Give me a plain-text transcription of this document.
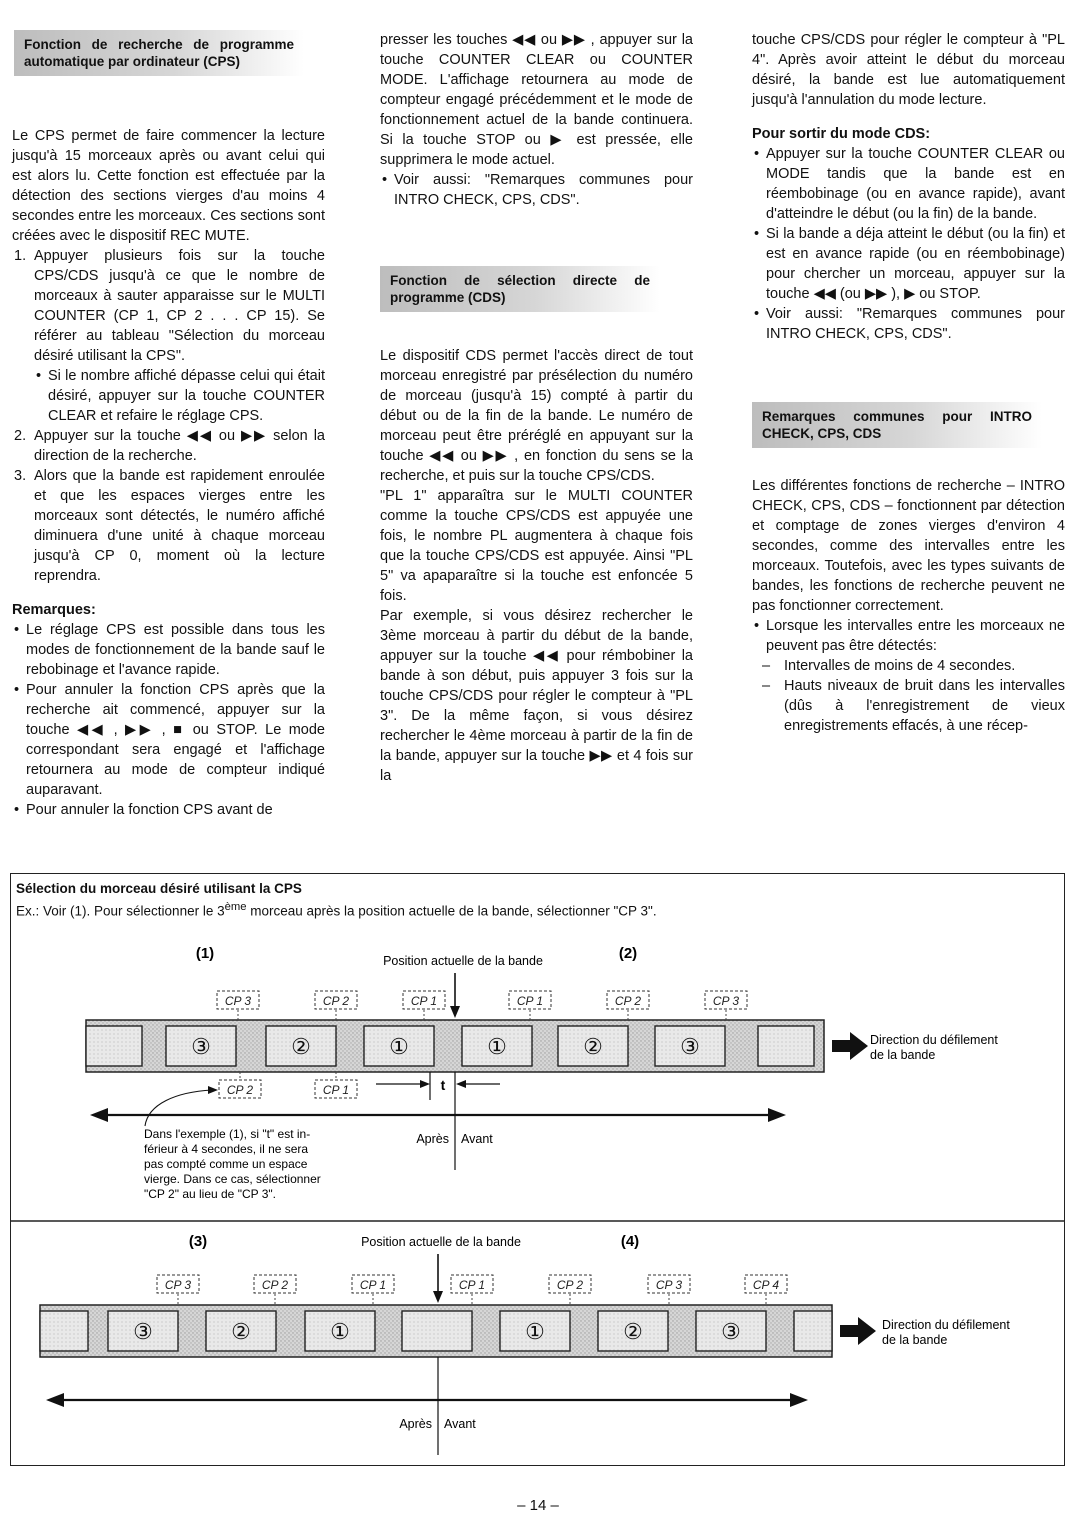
Fonction de recherche de programme automatique par ordinateur (CPS)

Le CPS permet de faire commencer la lecture jusqu'à 15 morceaux après ou avant celui qui est alors lu. Cette fonction est effectuée par la détection des sections vierges d'au moins 4 secondes entre les morceaux. Ces sections sont créées avec le dispositif REC MUTE.

1. Appuyer plusieurs fois sur la touche CPS/CDS jusqu'à ce que le nombre de morceaux à sauter apparaisse sur le MULTI COUNTER (CP 1, CP 2 . . . CP 15). Se référer au tableau "Sélection du morceau désiré utilisant la CPS".
• Si le nombre affiché dépasse celui qui était désiré, appuyer sur la touche COUNTER CLEAR et refaire le réglage CPS.
2. Appuyer sur la touche ◀◀ ou ▶▶ selon la direction de la recherche.
3. Alors que la bande est rapidement enroulée et que les espaces vierges entre les morceaux sont détectés, le numéro affiché diminuera d'une unité à chaque morceau jusqu'à CP 0, moment où la lecture reprendra.

Remarques:

• Le réglage CPS est possible dans tous les modes de fonctionnement de la bande sauf le rebobinage et l'avance rapide.
• Pour annuler la fonction CPS après que la recherche ait commencé, appuyer sur la touche ◀◀ , ▶▶ , ■ ou STOP. Le mode correspondant sera engagé et l'affichage retournera au mode de compteur indiqué auparavant.
• Pour annuler la fonction CPS avant de

presser les touches ◀◀ ou ▶▶ , appuyer sur la touche COUNTER CLEAR ou COUNTER MODE. L'affichage retournera au mode de compteur engagé précédemment et le mode de fonctionnement actuel de la bande continuera. Si la touche STOP ou ▶ est pressée, elle supprimera le mode actuel.

• Voir aussi: "Remarques communes pour INTRO CHECK, CPS, CDS".
Fonction de sélection directe de programme (CDS)

Le dispositif CDS permet l'accès direct de tout morceau enregistré par présélection du numéro de morceau (jusqu'à 15) compté à partir du début ou de la fin de la bande. Le numéro de morceau peut être préréglé en appuyant sur la touche ◀◀ ou ▶▶ , en fonction du sens se la recherche, et puis sur la touche CPS/CDS.

"PL 1" apparaîtra sur le MULTI COUNTER comme la touche CPS/CDS est appuyée une fois, le nombre PL augmentera à chaque fois que la touche CPS/CDS est appuyée. Ainsi "PL 5" va apaparaître si la touche est enfoncée 5 fois.

Par exemple, si vous désirez rechercher le 3ème morceau à partir du début de la bande, appuyer sur la touche ◀◀ pour rémbobiner la bande à son début, puis appuyer 3 fois sur la touche CPS/CDS pour régler le compteur à "PL 3". De la même façon, si vous désirez rechercher le 4ème morceau à partir de la fin de la bande, appuyer sur la touche ▶▶ et 4 fois sur la

touche CPS/CDS pour régler le compteur à "PL 4". Après avoir atteint le début du morceau désiré, la bande est lue automatiquement jusqu'à l'annulation du mode lecture.

Pour sortir du mode CDS:

• Appuyer sur la touche COUNTER CLEAR ou MODE tandis que la bande est en réembobinage (ou en avance rapide), avant d'atteindre le début (ou la fin) de la bande.
• Si la bande a déja atteint le début (ou la fin) et est en avance rapide (ou en réembobinage) pour chercher un morceau, appuyer sur la touche ◀◀ (ou ▶▶ ), ▶ ou STOP.
• Voir aussi: "Remarques communes pour INTRO CHECK, CPS, CDS".
Remarques communes pour INTRO CHECK, CPS, CDS

Les différentes fonctions de recherche – INTRO CHECK, CPS, CDS – fonctionnent par détection et comptage de zones vierges d'environ 4 secondes, comme des intervalles entre les morceaux. Toutefois, avec les types suivants de bandes, les fonctions de recherche peuvent ne pas fonctionner correctement.

• Lorsque les intervalles entre les morceaux ne peuvent pas être détectés:
– Intervalles de moins de 4 secondes.
– Hauts niveaux de bruit dans les intervalles (dûs à l'enregistrement de vieux enregistrements effacés, à une récep-
Sélection du morceau désiré utilisant la CPS
Ex.: Voir (1). Pour sélectionner le 3ème morceau après la position actuelle de la bande, sélectionner "CP 3".
(1)	(2)
Position actuelle de la bande
③	②	①	①	②	③
CP 3	CP 2	CP 1	CP 1	CP 2	CP 3
Direction du défilement
de la bande
Après Avant
CP 2	CP 1	t
Dans l'exemple (1), si "t" est in-
férieur à 4 secondes, il ne sera
pas compté comme un espace
vierge. Dans ce cas, sélectionner
"CP 2" au lieu de "CP 3".
(3)	(4)
Position actuelle de la bande
③	②	①	①	②	③
CP 3	CP 2	CP 1	CP 1	CP 2	CP 3	CP 4
Direction du défilement
de la bande
Après Avant
– 14 –
